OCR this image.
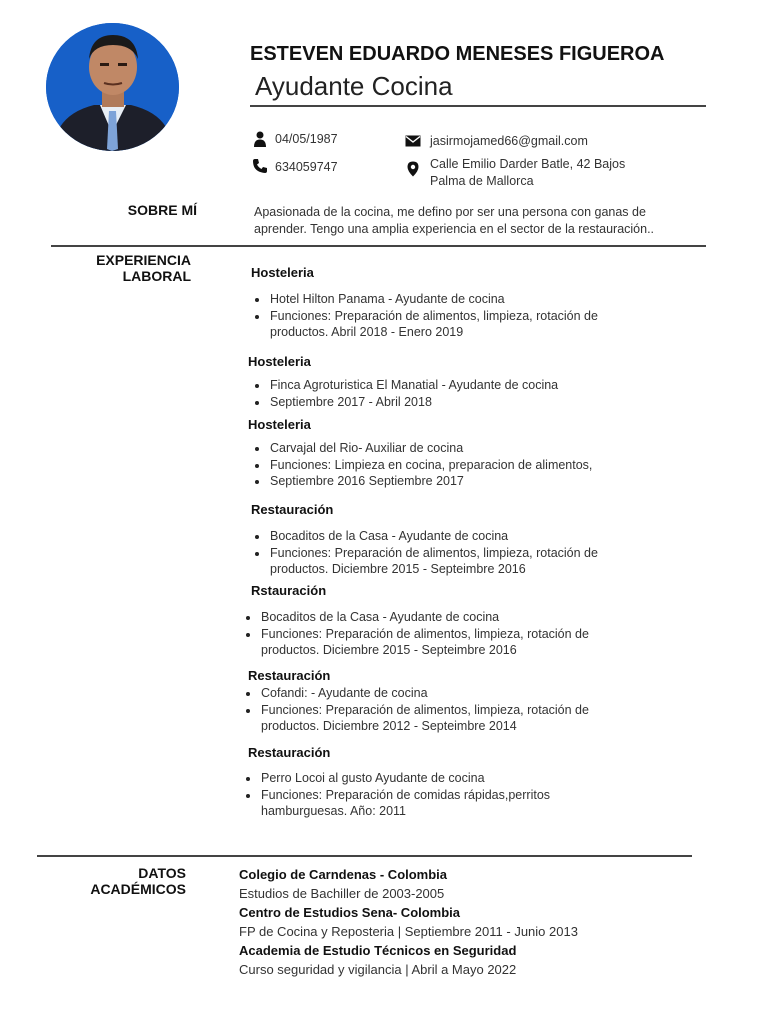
ESTEVEN EDUARDO MENESES FIGUEROA
Ayudante Cocina
04/05/1987
634059747
jasirmojamed66@gmail.com
Calle Emilio Darder Batle, 42 Bajos
Palma de Mallorca
SOBRE MÍ	Apasionada de la cocina, me defino por ser una persona con ganas de aprender. Tengo una amplia experiencia en el sector de la restauración..
EXPERIENCIA
LABORAL	Hosteleria
Hotel Hilton Panama - Ayudante de cocina
Funciones: Preparación de alimentos, limpieza, rotación de productos. Abril 2018 - Enero 2019
Hosteleria
Finca Agroturistica El Manatial - Ayudante de cocina
Septiembre 2017 - Abril 2018
Hosteleria
Carvajal del Rio- Auxiliar de cocina
Funciones: Limpieza en cocina, preparacion de alimentos,
Septiembre 2016 Septiembre 2017
Restauración
Bocaditos de la Casa - Ayudante de cocina
Funciones: Preparación de alimentos, limpieza, rotación de productos. Diciembre 2015 - Septeimbre 2016
Rstauración
Bocaditos de la Casa - Ayudante de cocina
Funciones: Preparación de alimentos, limpieza, rotación de productos. Diciembre 2015 - Septeimbre 2016
Restauración
Cofandi: - Ayudante de cocina
Funciones: Preparación de alimentos, limpieza, rotación de productos. Diciembre 2012 - Septeimbre 2014
Restauración
Perro Locoi al gusto Ayudante de cocina
Funciones: Preparación de comidas rápidas,perritos hamburguesas. Año: 2011
DATOS
ACADÉMICOS
Colegio de Carndenas - Colombia
Estudios de Bachiller de 2003-2005
Centro de Estudios Sena- Colombia
FP de Cocina y Reposteria | Septiembre 2011 - Junio 2013
Academia de Estudio Técnicos en Seguridad
Curso seguridad y vigilancia | Abril a Mayo 2022
